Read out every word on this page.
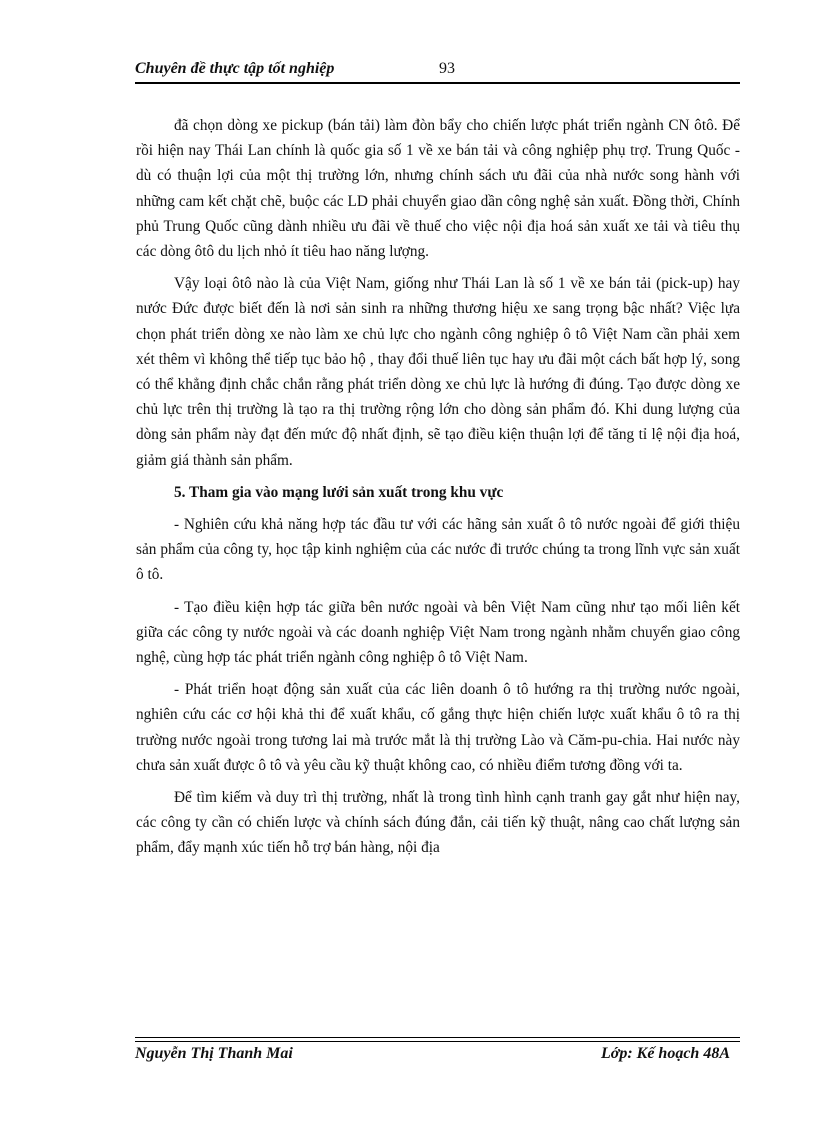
Chuyên đề thực tập tốt nghiệp	93

đã chọn dòng xe pickup (bán tải) làm đòn bẩy cho chiến lược phát triển ngành CN ôtô. Để rồi hiện nay Thái Lan chính là quốc gia số 1 về xe bán tải và công nghiệp phụ trợ. Trung Quốc - dù có thuận lợi của một thị trường lớn, nhưng chính sách ưu đãi của nhà nước song hành với những cam kết chặt chẽ, buộc các LD phải chuyển giao dần công nghệ sản xuất. Đồng thời, Chính phủ Trung Quốc cũng dành nhiều ưu đãi về thuế cho việc nội địa hoá sản xuất xe tải và tiêu thụ các dòng ôtô du lịch nhỏ ít tiêu hao năng lượng.

Vậy loại ôtô nào là của Việt Nam, giống như Thái Lan là số 1 về xe bán tải (pick-up) hay nước Đức được biết đến là nơi sản sinh ra những thương hiệu xe sang trọng bậc nhất? Việc lựa chọn phát triển dòng xe nào làm xe chủ lực cho ngành công nghiệp ô tô Việt Nam cần phải xem xét thêm vì không thể tiếp tục bảo hộ , thay đổi thuế liên tục hay ưu đãi một cách bất hợp lý, song có thể khẳng định chắc chắn rằng phát triển dòng xe chủ lực là hướng đi đúng. Tạo được dòng xe chủ lực trên thị trường là tạo ra thị trường rộng lớn cho dòng sản phẩm đó. Khi dung lượng của dòng sản phẩm này đạt đến mức độ nhất định, sẽ tạo điều kiện thuận lợi để tăng tỉ lệ nội địa hoá, giảm giá thành sản phẩm.

5. Tham gia vào mạng lưới sản xuất trong khu vực

- Nghiên cứu khả năng hợp tác đầu tư với các hãng sản xuất ô tô nước ngoài để giới thiệu sản phẩm của công ty, học tập kinh nghiệm của các nước đi trước chúng ta trong lĩnh vực sản xuất ô tô.

- Tạo điều kiện hợp tác giữa bên nước ngoài và bên Việt Nam cũng như tạo mối liên kết giữa các công ty nước ngoài và các doanh nghiệp Việt Nam trong ngành nhằm chuyển giao công nghệ, cùng hợp tác phát triển ngành công nghiệp ô tô Việt Nam.

- Phát triển hoạt động sản xuất của các liên doanh ô tô hướng ra thị trường nước ngoài, nghiên cứu các cơ hội khả thi để xuất khẩu, cố gắng thực hiện chiến lược xuất khẩu ô tô ra thị trường nước ngoài trong tương lai mà trước mắt là thị trường Lào và Căm-pu-chia. Hai nước này chưa sản xuất được ô tô và yêu cầu kỹ thuật không cao, có nhiều điểm tương đồng với ta.

Để tìm kiếm và duy trì thị trường, nhất là trong tình hình cạnh tranh gay gắt như hiện nay, các công ty cần có chiến lược và chính sách đúng đắn, cải tiến kỹ thuật, nâng cao chất lượng sản phẩm, đẩy mạnh xúc tiến hỗ trợ bán hàng, nội địa

Nguyễn Thị Thanh Mai	Lớp: Kế hoạch 48A
